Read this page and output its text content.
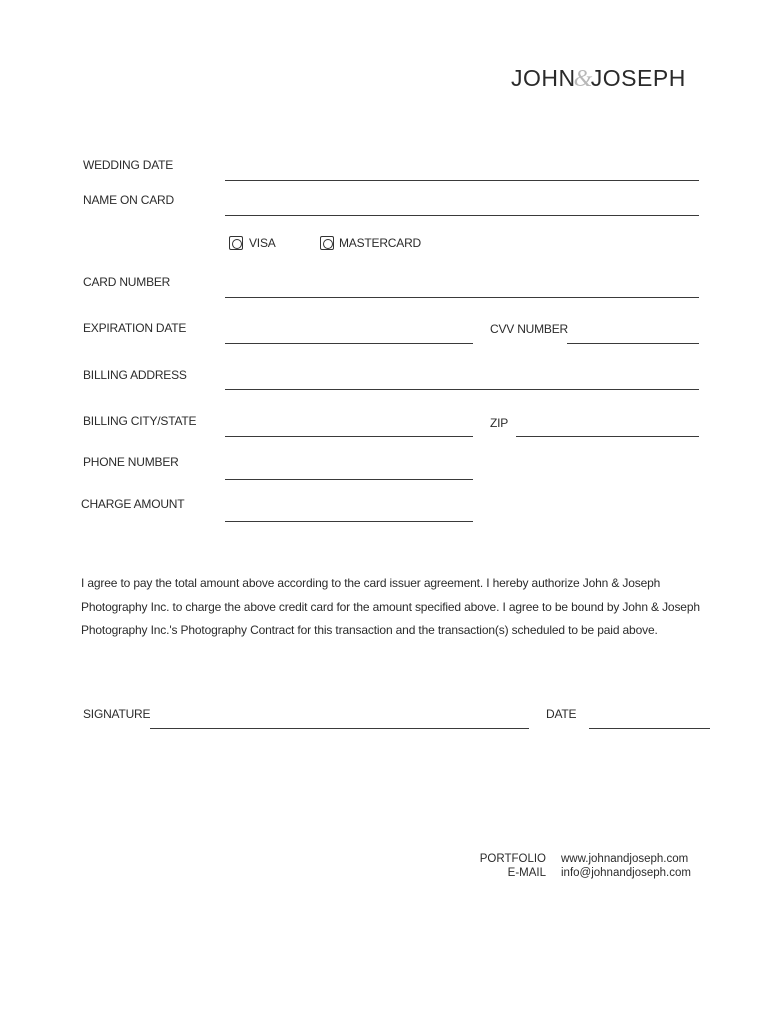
JOHN&JOSEPH
WEDDING DATE
NAME ON CARD
VISA	MASTERCARD
CARD NUMBER
EXPIRATION DATE	CVV NUMBER
BILLING ADDRESS
BILLING CITY/STATE	ZIP
PHONE NUMBER
CHARGE AMOUNT
I agree to pay the total amount above according to the card issuer agreement. I hereby authorize John & Joseph
Photography Inc. to charge the above credit card for the amount specified above. I agree to be bound by John & Joseph
Photography Inc.'s Photography Contract for this transaction and the transaction(s) scheduled to be paid above.
SIGNATURE	DATE
PORTFOLIO www.johnandjoseph.com
E-MAIL info@johnandjoseph.com
